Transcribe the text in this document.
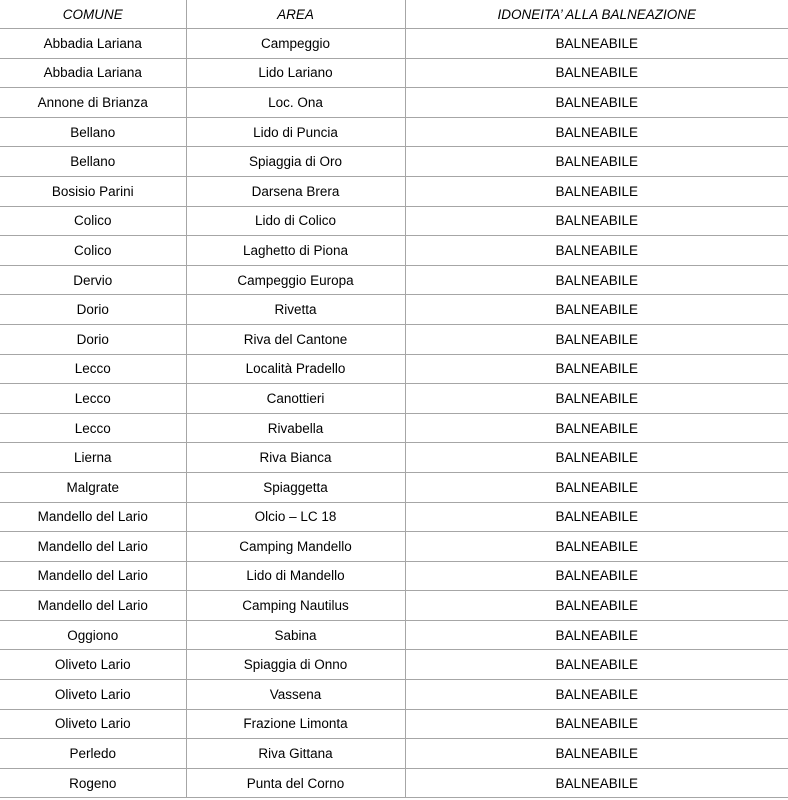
COMUNE	AREA	IDONEITA’ ALLA BALNEAZIONE
Abbadia Lariana	Campeggio	BALNEABILE
Abbadia Lariana	Lido Lariano	BALNEABILE
Annone di Brianza	Loc. Ona	BALNEABILE
Bellano	Lido di Puncia	BALNEABILE
Bellano	Spiaggia di Oro	BALNEABILE
Bosisio Parini	Darsena Brera	BALNEABILE
Colico	Lido di Colico	BALNEABILE
Colico	Laghetto di Piona	BALNEABILE
Dervio	Campeggio Europa	BALNEABILE
Dorio	Rivetta	BALNEABILE
Dorio	Riva del Cantone	BALNEABILE
Lecco	Località Pradello	BALNEABILE
Lecco	Canottieri	BALNEABILE
Lecco	Rivabella	BALNEABILE
Lierna	Riva Bianca	BALNEABILE
Malgrate	Spiaggetta	BALNEABILE
Mandello del Lario	Olcio – LC 18	BALNEABILE
Mandello del Lario	Camping Mandello	BALNEABILE
Mandello del Lario	Lido di Mandello	BALNEABILE
Mandello del Lario	Camping Nautilus	BALNEABILE
Oggiono	Sabina	BALNEABILE
Oliveto Lario	Spiaggia di Onno	BALNEABILE
Oliveto Lario	Vassena	BALNEABILE
Oliveto Lario	Frazione Limonta	BALNEABILE
Perledo	Riva Gittana	BALNEABILE
Rogeno	Punta del Corno	BALNEABILE
